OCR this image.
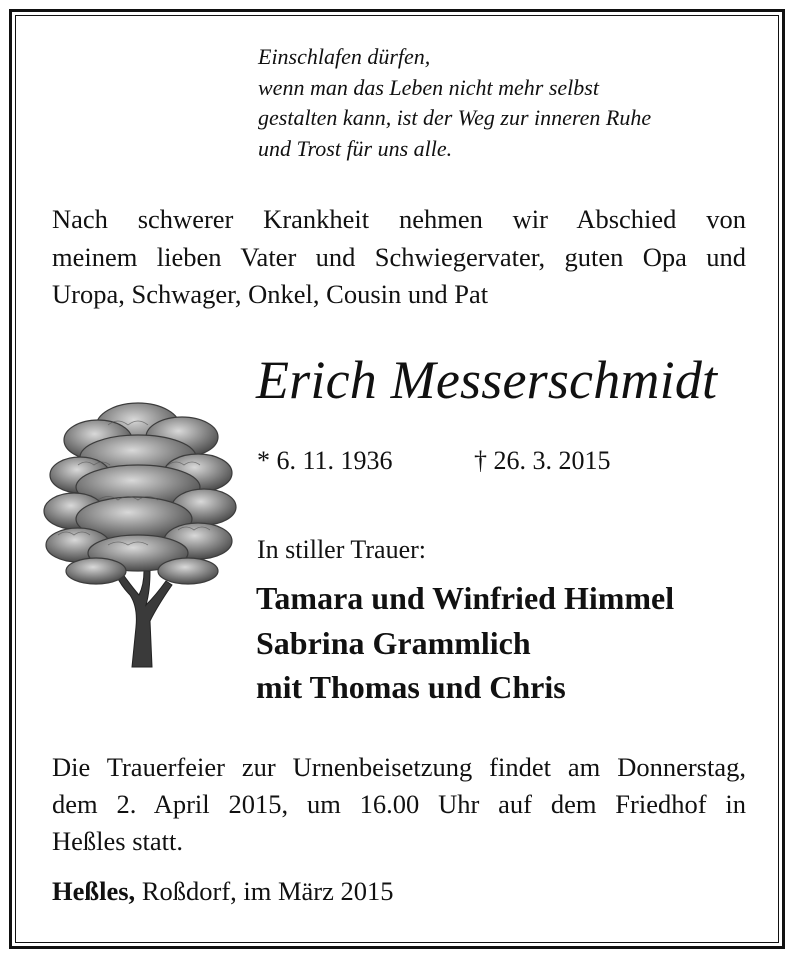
Einschlafen dürfen,
wenn man das Leben nicht mehr selbst
gestalten kann, ist der Weg zur inneren Ruhe
und Trost für uns alle.
Nach schwerer Krankheit nehmen wir Abschied von
meinem lieben Vater und Schwiegervater, guten Opa und
Uropa, Schwager, Onkel, Cousin und Pat
Erich Messerschmidt
* 6. 11. 1936	† 26. 3. 2015
In stiller Trauer:
Tamara und Winfried Himmel
Sabrina Grammlich
mit Thomas und Chris
Die Trauerfeier zur Urnenbeisetzung findet am Donnerstag,
dem 2. April 2015, um 16.00 Uhr auf dem Friedhof in
Heßles statt.
Heßles, Roßdorf, im März 2015
